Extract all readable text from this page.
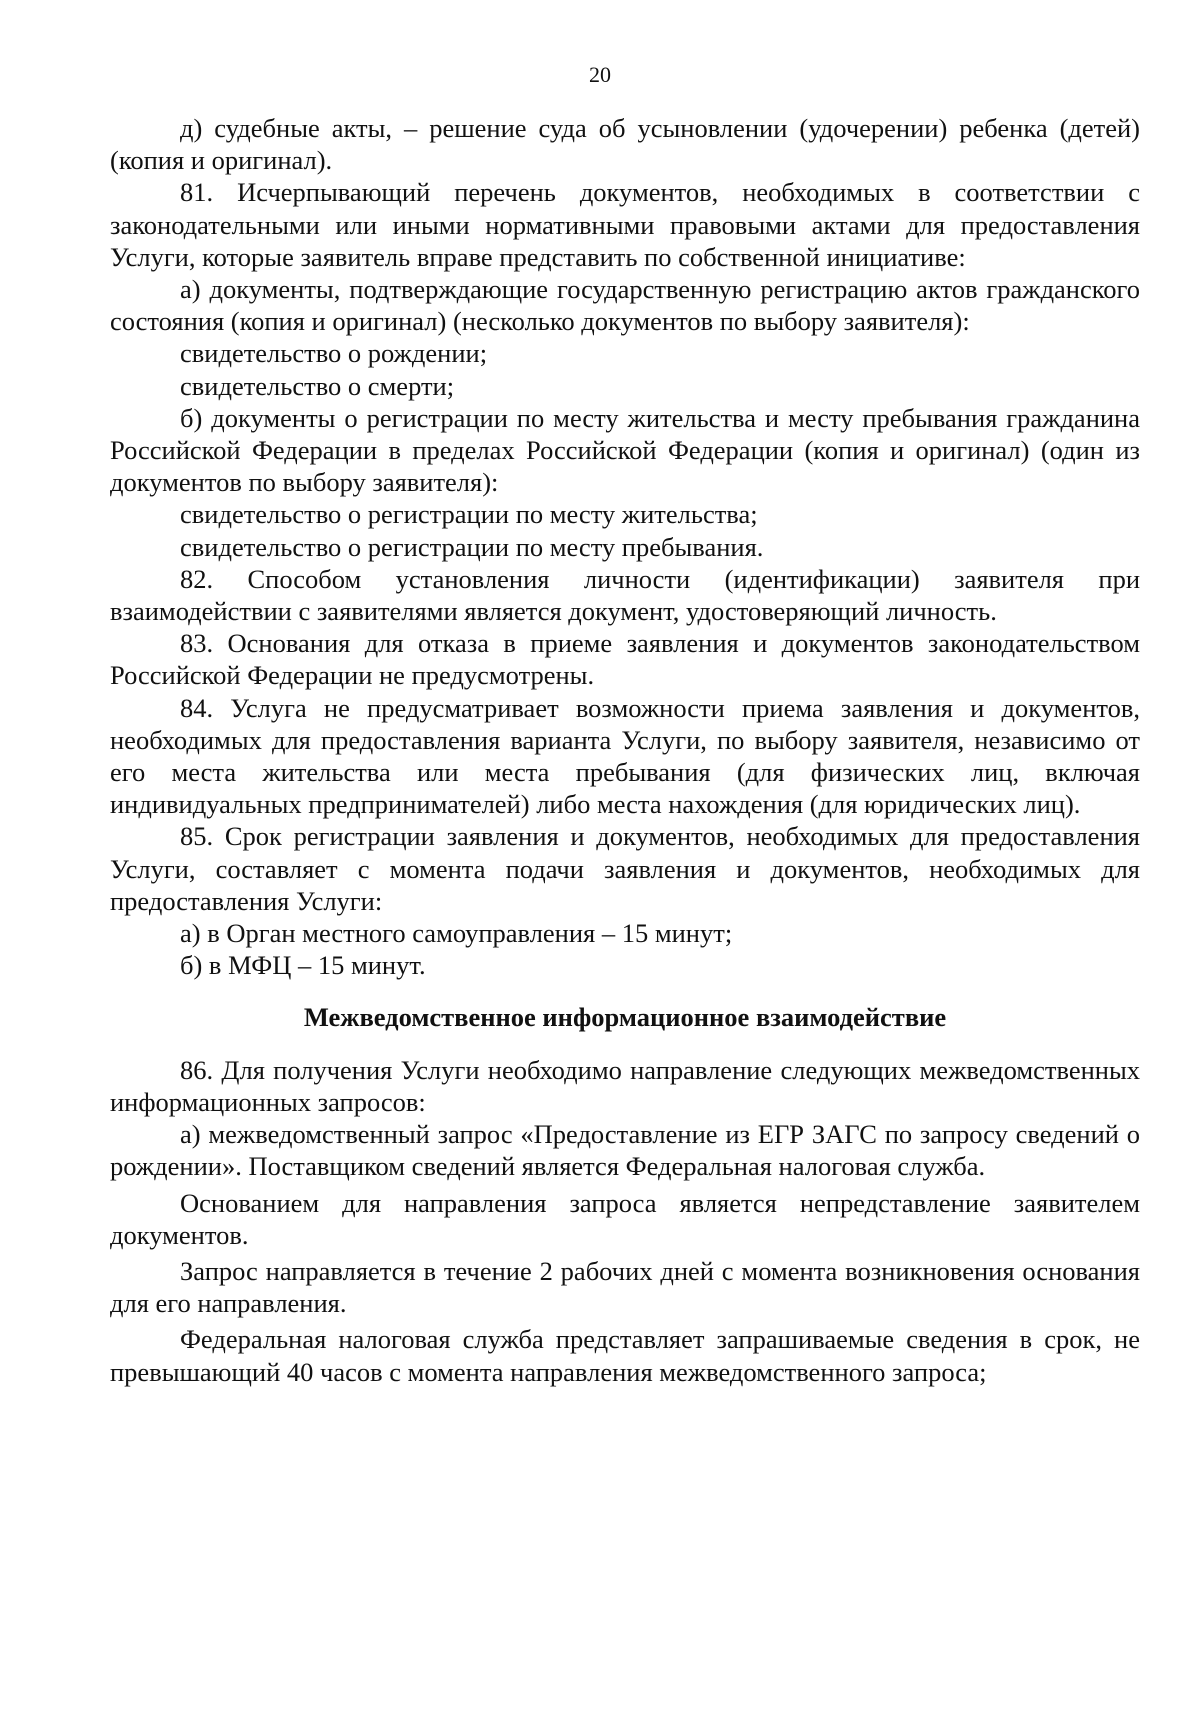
20

д) судебные акты, – решение суда об усыновлении (удочерении) ребенка (детей) (копия и оригинал).

81. Исчерпывающий перечень документов, необходимых в соответствии с законодательными или иными нормативными правовыми актами для предоставления Услуги, которые заявитель вправе представить по собственной инициативе:

а) документы, подтверждающие государственную регистрацию актов гражданского состояния (копия и оригинал) (несколько документов по выбору заявителя):

свидетельство о рождении;

свидетельство о смерти;

б) документы о регистрации по месту жительства и месту пребывания гражданина Российской Федерации в пределах Российской Федерации (копия и оригинал) (один из документов по выбору заявителя):

свидетельство о регистрации по месту жительства;

свидетельство о регистрации по месту пребывания.

82. Способом установления личности (идентификации) заявителя при взаимодействии с заявителями является документ, удостоверяющий личность.

83. Основания для отказа в приеме заявления и документов законодательством Российской Федерации не предусмотрены.

84. Услуга не предусматривает возможности приема заявления и документов, необходимых для предоставления варианта Услуги, по выбору заявителя, независимо от его места жительства или места пребывания (для физических лиц, включая индивидуальных предпринимателей) либо места нахождения (для юридических лиц).

85. Срок регистрации заявления и документов, необходимых для предоставления Услуги, составляет с момента подачи заявления и документов, необходимых для предоставления Услуги:

а) в Орган местного самоуправления – 15 минут;

б) в МФЦ – 15 минут.

Межведомственное информационное взаимодействие

86. Для получения Услуги необходимо направление следующих межведомственных информационных запросов:

а) межведомственный запрос «Предоставление из ЕГР ЗАГС по запросу сведений о рождении». Поставщиком сведений является Федеральная налоговая служба.

Основанием для направления запроса является непредставление заявителем документов.

Запрос направляется в течение 2 рабочих дней с момента возникновения основания для его направления.

Федеральная налоговая служба представляет запрашиваемые сведения в срок, не превышающий 40 часов с момента направления межведомственного запроса;
